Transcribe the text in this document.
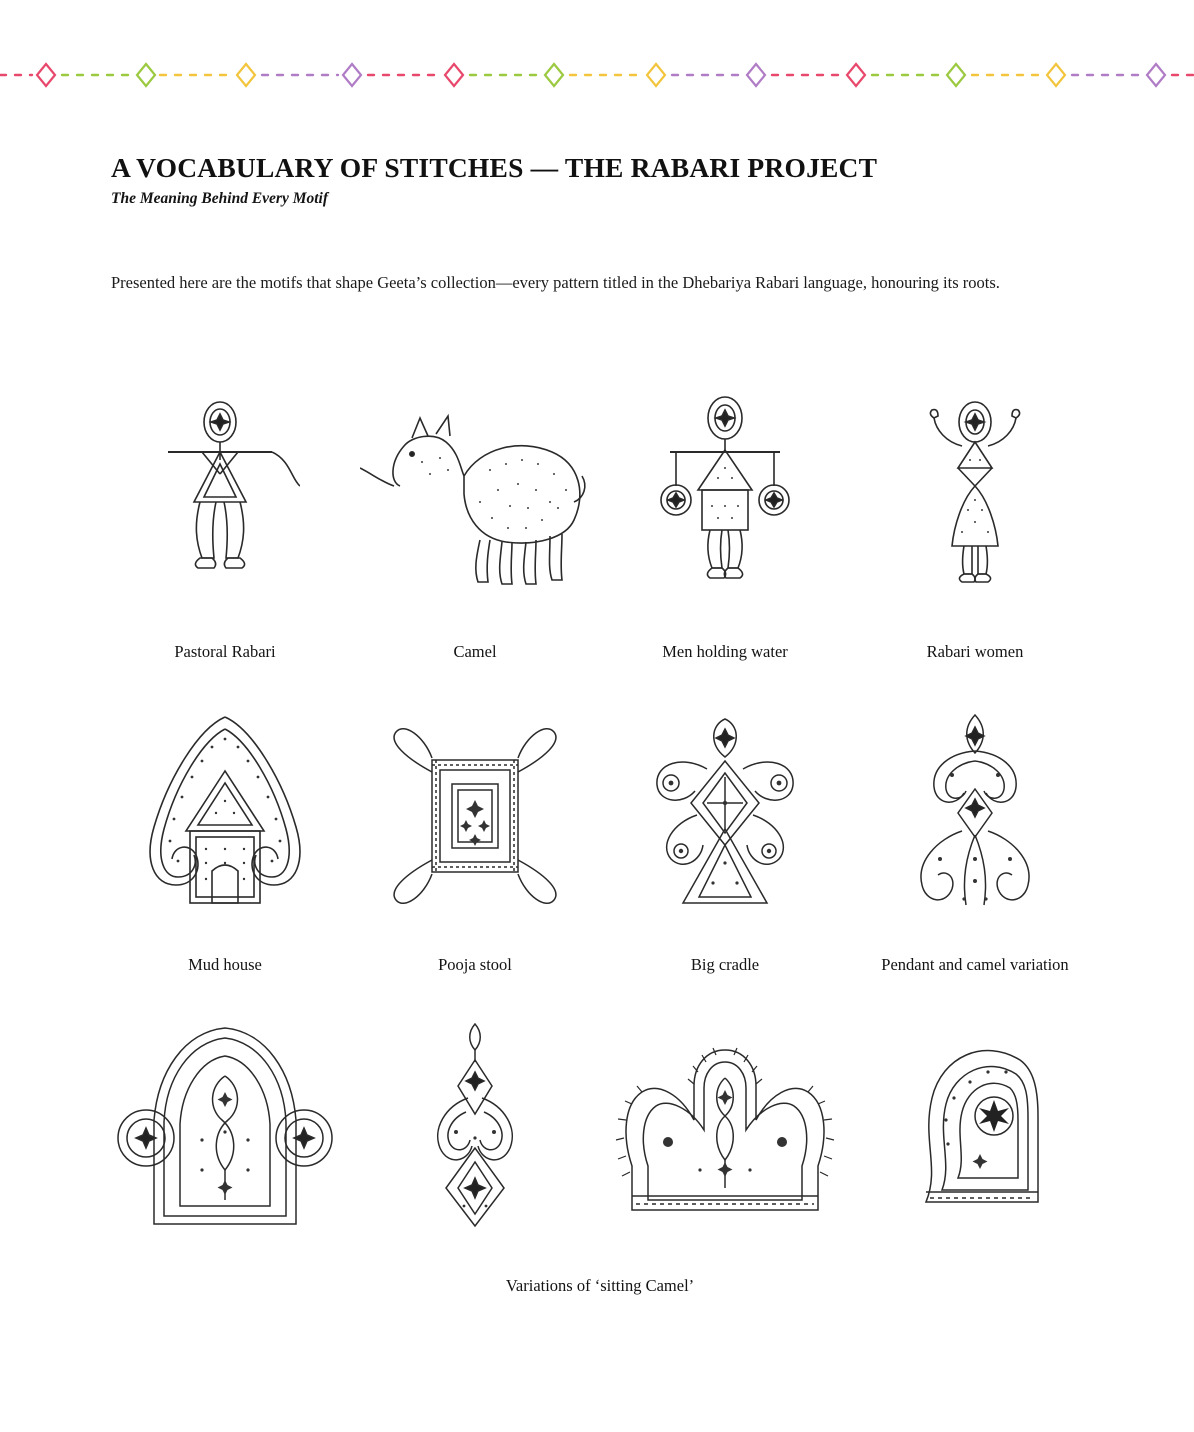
A VOCABULARY OF STITCHES — THE RABARI PROJECT
The Meaning Behind Every Motif

Presented here are the motifs that shape Geeta’s collection—every pattern titled in the Dhebariya Rabari language, honouring its roots.

Pastoral Rabari	Camel	Men holding water	Rabari women
Mud house	Pooja stool	Big cradle	Pendant and camel variation
Variations of ‘sitting Camel’
